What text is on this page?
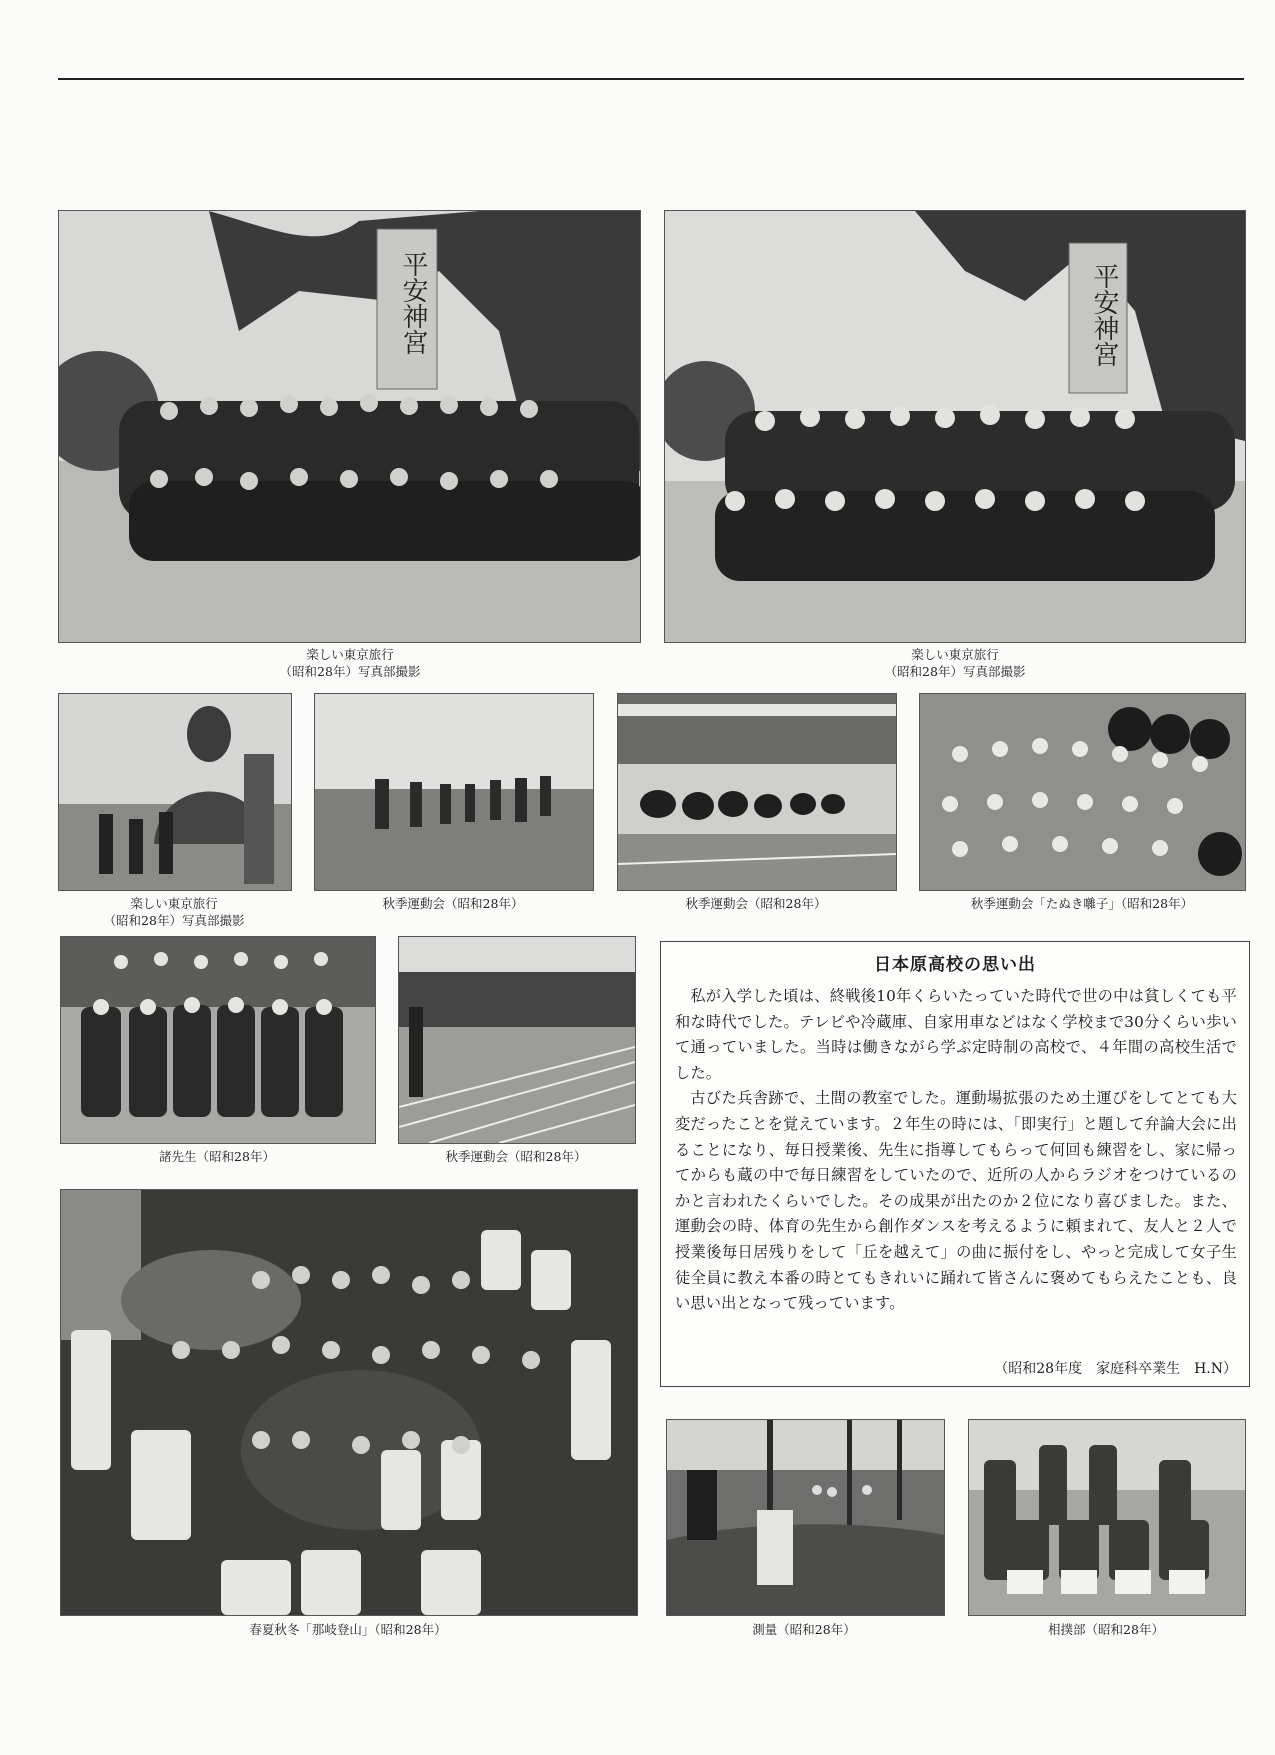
平安神宮
楽しい東京旅行
（昭和28年）写真部撮影
平安神宮
楽しい東京旅行
（昭和28年）写真部撮影
楽しい東京旅行
（昭和28年）写真部撮影
秋季運動会（昭和28年）	秋季運動会（昭和28年）	秋季運動会「たぬき囃子」（昭和28年）
諸先生（昭和28年）	秋季運動会（昭和28年）
日本原高校の思い出

私が入学した頃は、終戦後10年くらいたっていた時代で世の中は貧しくても平和な時代でした。テレビや冷蔵庫、自家用車などはなく学校まで30分くらい歩いて通っていました。当時は働きながら学ぶ定時制の高校で、４年間の高校生活でした。

古びた兵舎跡で、土間の教室でした。運動場拡張のため土運びをしてとても大変だったことを覚えています。２年生の時には、「即実行」と題して弁論大会に出ることになり、毎日授業後、先生に指導してもらって何回も練習をし、家に帰ってからも蔵の中で毎日練習をしていたので、近所の人からラジオをつけているのかと言われたくらいでした。その成果が出たのか２位になり喜びました。また、運動会の時、体育の先生から創作ダンスを考えるように頼まれて、友人と２人で授業後毎日居残りをして「丘を越えて」の曲に振付をし、やっと完成して女子生徒全員に教え本番の時とてもきれいに踊れて皆さんに褒めてもらえたことも、良い思い出となって残っています。

（昭和28年度　家庭科卒業生　H.N）
春夏秋冬「那岐登山」（昭和28年）	測量（昭和28年）	相撲部（昭和28年）
